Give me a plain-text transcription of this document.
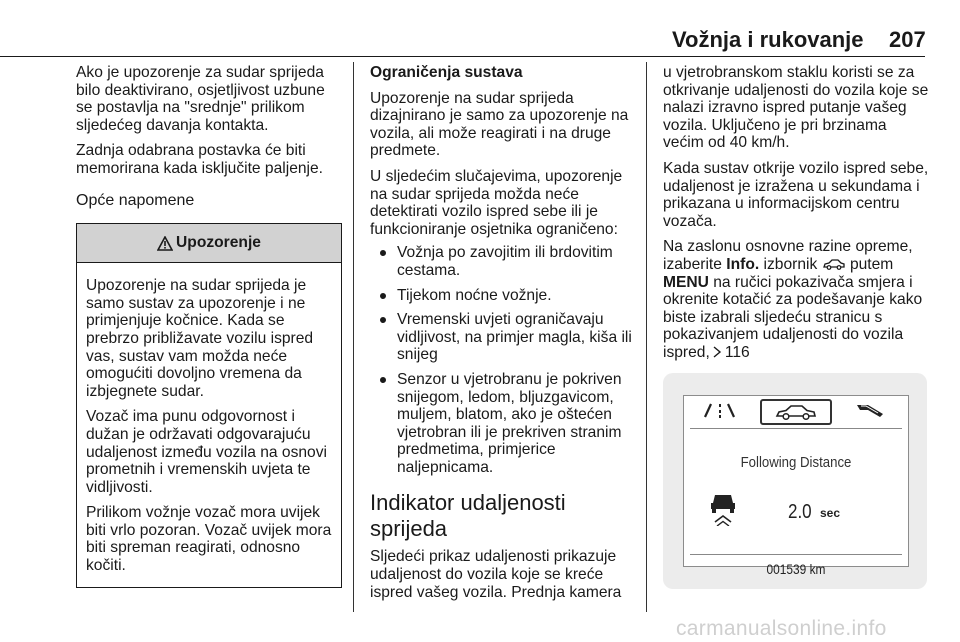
Vožnja i rukovanje 207

Ako je upozorenje za sudar sprijeda bilo deaktivirano, osjetljivost uzbune se postavlja na "srednje" prilikom sljedećeg davanja kontakta.

Zadnja odabrana postavka će biti memorirana kada isključite paljenje.

Opće napomene

Upozorenje

Upozorenje na sudar sprijeda je samo sustav za upozorenje i ne primjenjuje kočnice. Kada se prebrzo približavate vozilu ispred vas, sustav vam možda neće omogućiti dovoljno vremena da izbjegnete sudar.

Vozač ima punu odgovornost i dužan je održavati odgovarajuću udaljenost između vozila na osnovi prometnih i vremenskih uvjeta te vidljivosti.

Prilikom vožnje vozač mora uvijek biti vrlo pozoran. Vozač uvijek mora biti spreman reagirati, odnosno kočiti.

Ograničenja sustava

Upozorenje na sudar sprijeda dizajnirano je samo za upozorenje na vozila, ali može reagirati i na druge predmete.

U sljedećim slučajevima, upozorenje na sudar sprijeda možda neće detektirati vozilo ispred sebe ili je funkcioniranje osjetnika ograničeno:

Vožnja po zavojitim ili brdovitim cestama.
Tijekom noćne vožnje.
Vremenski uvjeti ograničavaju vidljivost, na primjer magla, kiša ili snijeg
Senzor u vjetrobranu je pokriven snijegom, ledom, bljuzgavicom, muljem, blatom, ako je oštećen vjetrobran ili je prekriven stranim predmetima, primjerice naljepnicama.
Indikator udaljenosti sprijeda

Sljedeći prikaz udaljenosti prikazuje udaljenost do vozila koje se kreće ispred vašeg vozila. Prednja kamera

u vjetrobranskom staklu koristi se za otkrivanje udaljenosti do vozila koje se nalazi izravno ispred putanje vašeg vozila. Uključeno je pri brzinama većim od 40 km/h.

Kada sustav otkrije vozilo ispred sebe, udaljenost je izražena u sekundama i prikazana u informacijskom centru vozača.

Na zaslonu osnovne razine opreme, izaberite Info. izbornik  putem MENU na ručici pokazivača smjera i okrenite kotačić za podešavanje kako biste izabrali sljedeću stranicu s pokazivanjem udaljenosti do vozila ispred, 116

Following Distance
2.0 sec
001539 km
carmanualsonline.info
